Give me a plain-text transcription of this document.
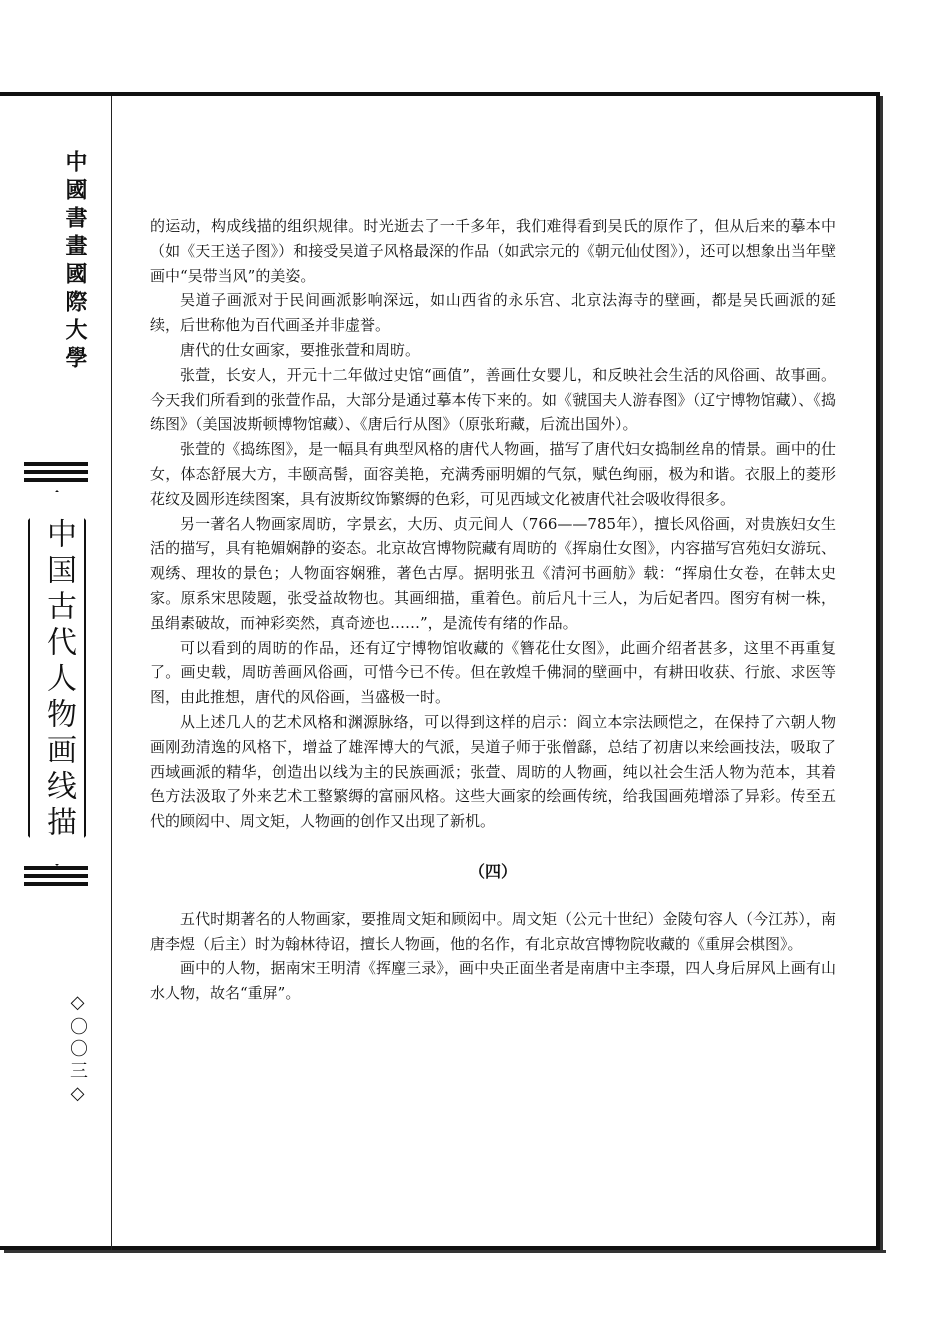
中國書畫國際大學
中国古代人物画线描
◇〇〇三◇

的运动，构成线描的组织规律。时光逝去了一千多年，我们难得看到吴氏的原作了，但从后来的摹本中（如《天王送子图》）和接受吴道子风格最深的作品（如武宗元的《朝元仙仗图》），还可以想象出当年壁画中“吴带当风”的美姿。

吴道子画派对于民间画派影响深远，如山西省的永乐宫、北京法海寺的壁画，都是吴氏画派的延续，后世称他为百代画圣并非虚誉。

唐代的仕女画家，要推张萱和周昉。

张萱，长安人，开元十二年做过史馆“画值”，善画仕女婴儿，和反映社会生活的风俗画、故事画。今天我们所看到的张萱作品，大部分是通过摹本传下来的。如《虢国夫人游春图》（辽宁博物馆藏）、《捣练图》（美国波斯顿博物馆藏）、《唐后行从图》（原张珩藏，后流出国外）。

张萱的《捣练图》，是一幅具有典型风格的唐代人物画，描写了唐代妇女捣制丝帛的情景。画中的仕女，体态舒展大方，丰颐高髻，面容美艳，充满秀丽明媚的气氛，赋色绚丽，极为和谐。衣服上的菱形花纹及圆形连续图案，具有波斯纹饰繁缛的色彩，可见西域文化被唐代社会吸收得很多。

另一著名人物画家周昉，字景玄，大历、贞元间人（766——785年），擅长风俗画，对贵族妇女生活的描写，具有艳媚娴静的姿态。北京故宫博物院藏有周昉的《挥扇仕女图》，内容描写宫苑妇女游玩、观绣、理妆的景色；人物面容娴雅，著色古厚。据明张丑《清河书画舫》载：“挥扇仕女卷，在韩太史家。原系宋思陵题，张受益故物也。其画细描，重着色。前后凡十三人，为后妃者四。图穷有树一株，虽绢素破故，而神彩奕然，真奇迹也……”，是流传有绪的作品。

可以看到的周昉的作品，还有辽宁博物馆收藏的《簪花仕女图》，此画介绍者甚多，这里不再重复了。画史载，周昉善画风俗画，可惜今已不传。但在敦煌千佛洞的壁画中，有耕田收获、行旅、求医等图，由此推想，唐代的风俗画，当盛极一时。

从上述几人的艺术风格和渊源脉络，可以得到这样的启示：阎立本宗法顾恺之，在保持了六朝人物画刚劲清逸的风格下，增益了雄浑博大的气派，吴道子师于张僧繇，总结了初唐以来绘画技法，吸取了西域画派的精华，创造出以线为主的民族画派；张萱、周昉的人物画，纯以社会生活人物为范本，其着色方法汲取了外来艺术工整繁缛的富丽风格。这些大画家的绘画传统，给我国画苑增添了异彩。传至五代的顾闳中、周文矩，人物画的创作又出现了新机。

（四）

五代时期著名的人物画家，要推周文矩和顾闳中。周文矩（公元十世纪）金陵句容人（今江苏），南唐李煜（后主）时为翰林待诏，擅长人物画，他的名作，有北京故宫博物院收藏的《重屏会棋图》。

画中的人物，据南宋王明清《挥麈三录》，画中央正面坐者是南唐中主李璟，四人身后屏风上画有山水人物，故名“重屏”。
